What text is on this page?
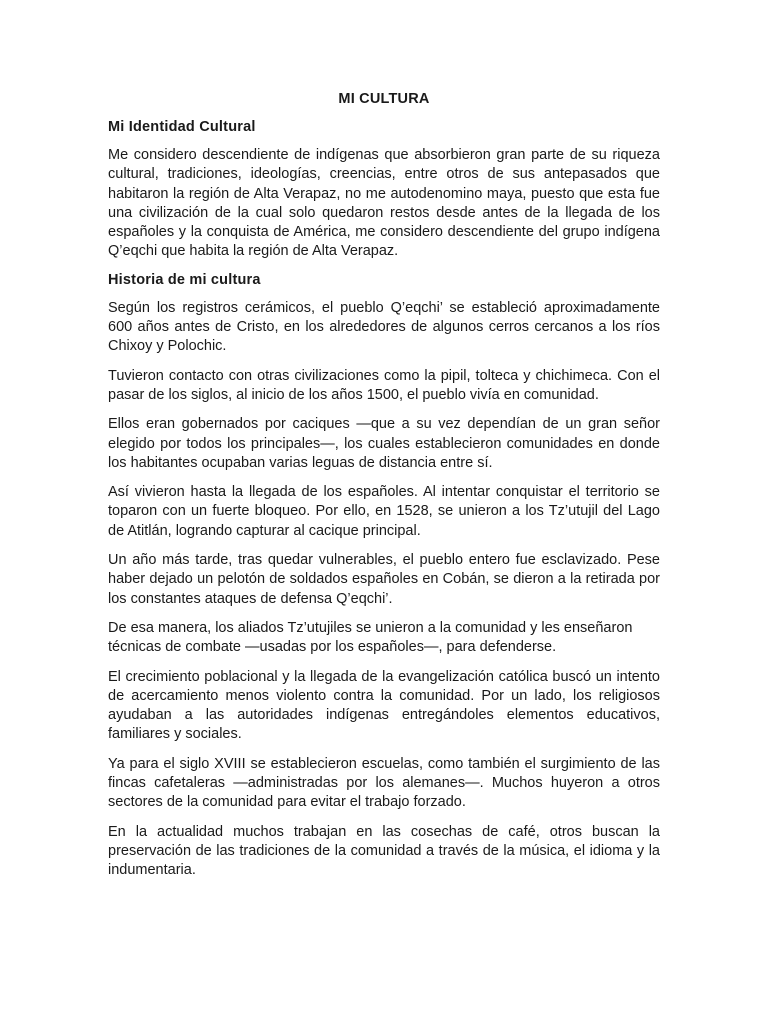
MI CULTURA
Mi Identidad Cultural

Me considero descendiente de indígenas que absorbieron gran parte de su riqueza cultural, tradiciones, ideologías, creencias, entre otros de sus antepasados que habitaron la región de Alta Verapaz, no me autodenomino maya, puesto que esta fue una civilización de la cual solo quedaron restos desde antes de la llegada de los españoles y la conquista de América, me considero descendiente del grupo indígena Q’eqchi que habita la región de Alta Verapaz.

Historia de mi cultura

Según los registros cerámicos, el pueblo Q’eqchi’ se estableció aproximadamente 600 años antes de Cristo, en los alrededores de algunos cerros cercanos a los ríos Chixoy y Polochic.

Tuvieron contacto con otras civilizaciones como la pipil, tolteca y chichimeca. Con el pasar de los siglos, al inicio de los años 1500, el pueblo vivía en comunidad.

Ellos eran gobernados por caciques —que a su vez dependían de un gran señor elegido por todos los principales—, los cuales establecieron comunidades en donde los habitantes ocupaban varias leguas de distancia entre sí.

Así vivieron hasta la llegada de los españoles. Al intentar conquistar el territorio se toparon con un fuerte bloqueo. Por ello, en 1528, se unieron a los Tz’utujil del Lago de Atitlán, logrando capturar al cacique principal.

Un año más tarde, tras quedar vulnerables, el pueblo entero fue esclavizado. Pese haber dejado un pelotón de soldados españoles en Cobán, se dieron a la retirada por los constantes ataques de defensa Q’eqchi’.

De esa manera, los aliados Tz’utujiles se unieron a la comunidad y les enseñaron técnicas de combate —usadas por los españoles—, para defenderse.

El crecimiento poblacional y la llegada de la evangelización católica buscó un intento de acercamiento menos violento contra la comunidad. Por un lado, los religiosos ayudaban a las autoridades indígenas entregándoles elementos educativos, familiares y sociales.

Ya para el siglo XVIII se establecieron escuelas, como también el surgimiento de las fincas cafetaleras —administradas por los alemanes—. Muchos huyeron a otros sectores de la comunidad para evitar el trabajo forzado.

En la actualidad muchos trabajan en las cosechas de café, otros buscan la preservación de las tradiciones de la comunidad a través de la música, el idioma y la indumentaria.
